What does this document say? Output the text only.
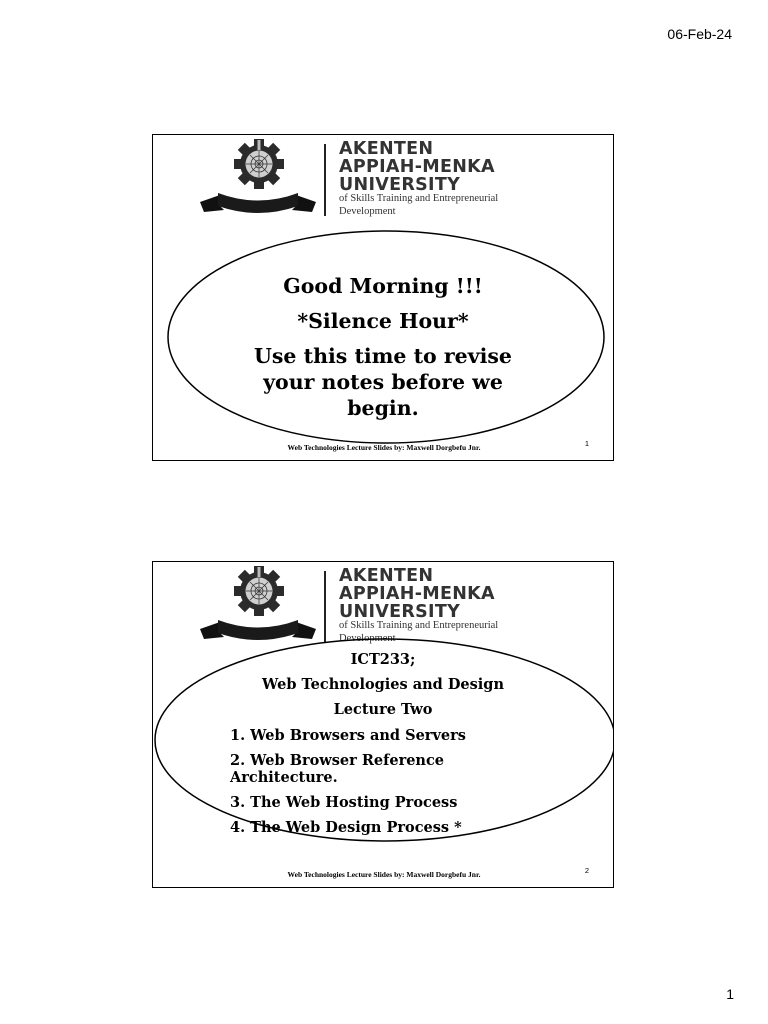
06-Feb-24
AKENTEN
APPIAH-MENKA
UNIVERSITY

of Skills Training and Entrepreneurial
Development

Good Morning !!!

*Silence Hour*

Use this time to revise your notes before we begin.

Web Technologies Lecture Slides by: Maxwell Dorgbefu Jnr.	1
AKENTEN
APPIAH-MENKA
UNIVERSITY

of Skills Training and Entrepreneurial
Development

ICT233;

Web Technologies and Design

Lecture Two

1. Web Browsers and Servers
2. Web Browser Reference Architecture.
3. The Web Hosting Process
4. The Web Design Process *
Web Technologies Lecture Slides by: Maxwell Dorgbefu Jnr.	2
1
